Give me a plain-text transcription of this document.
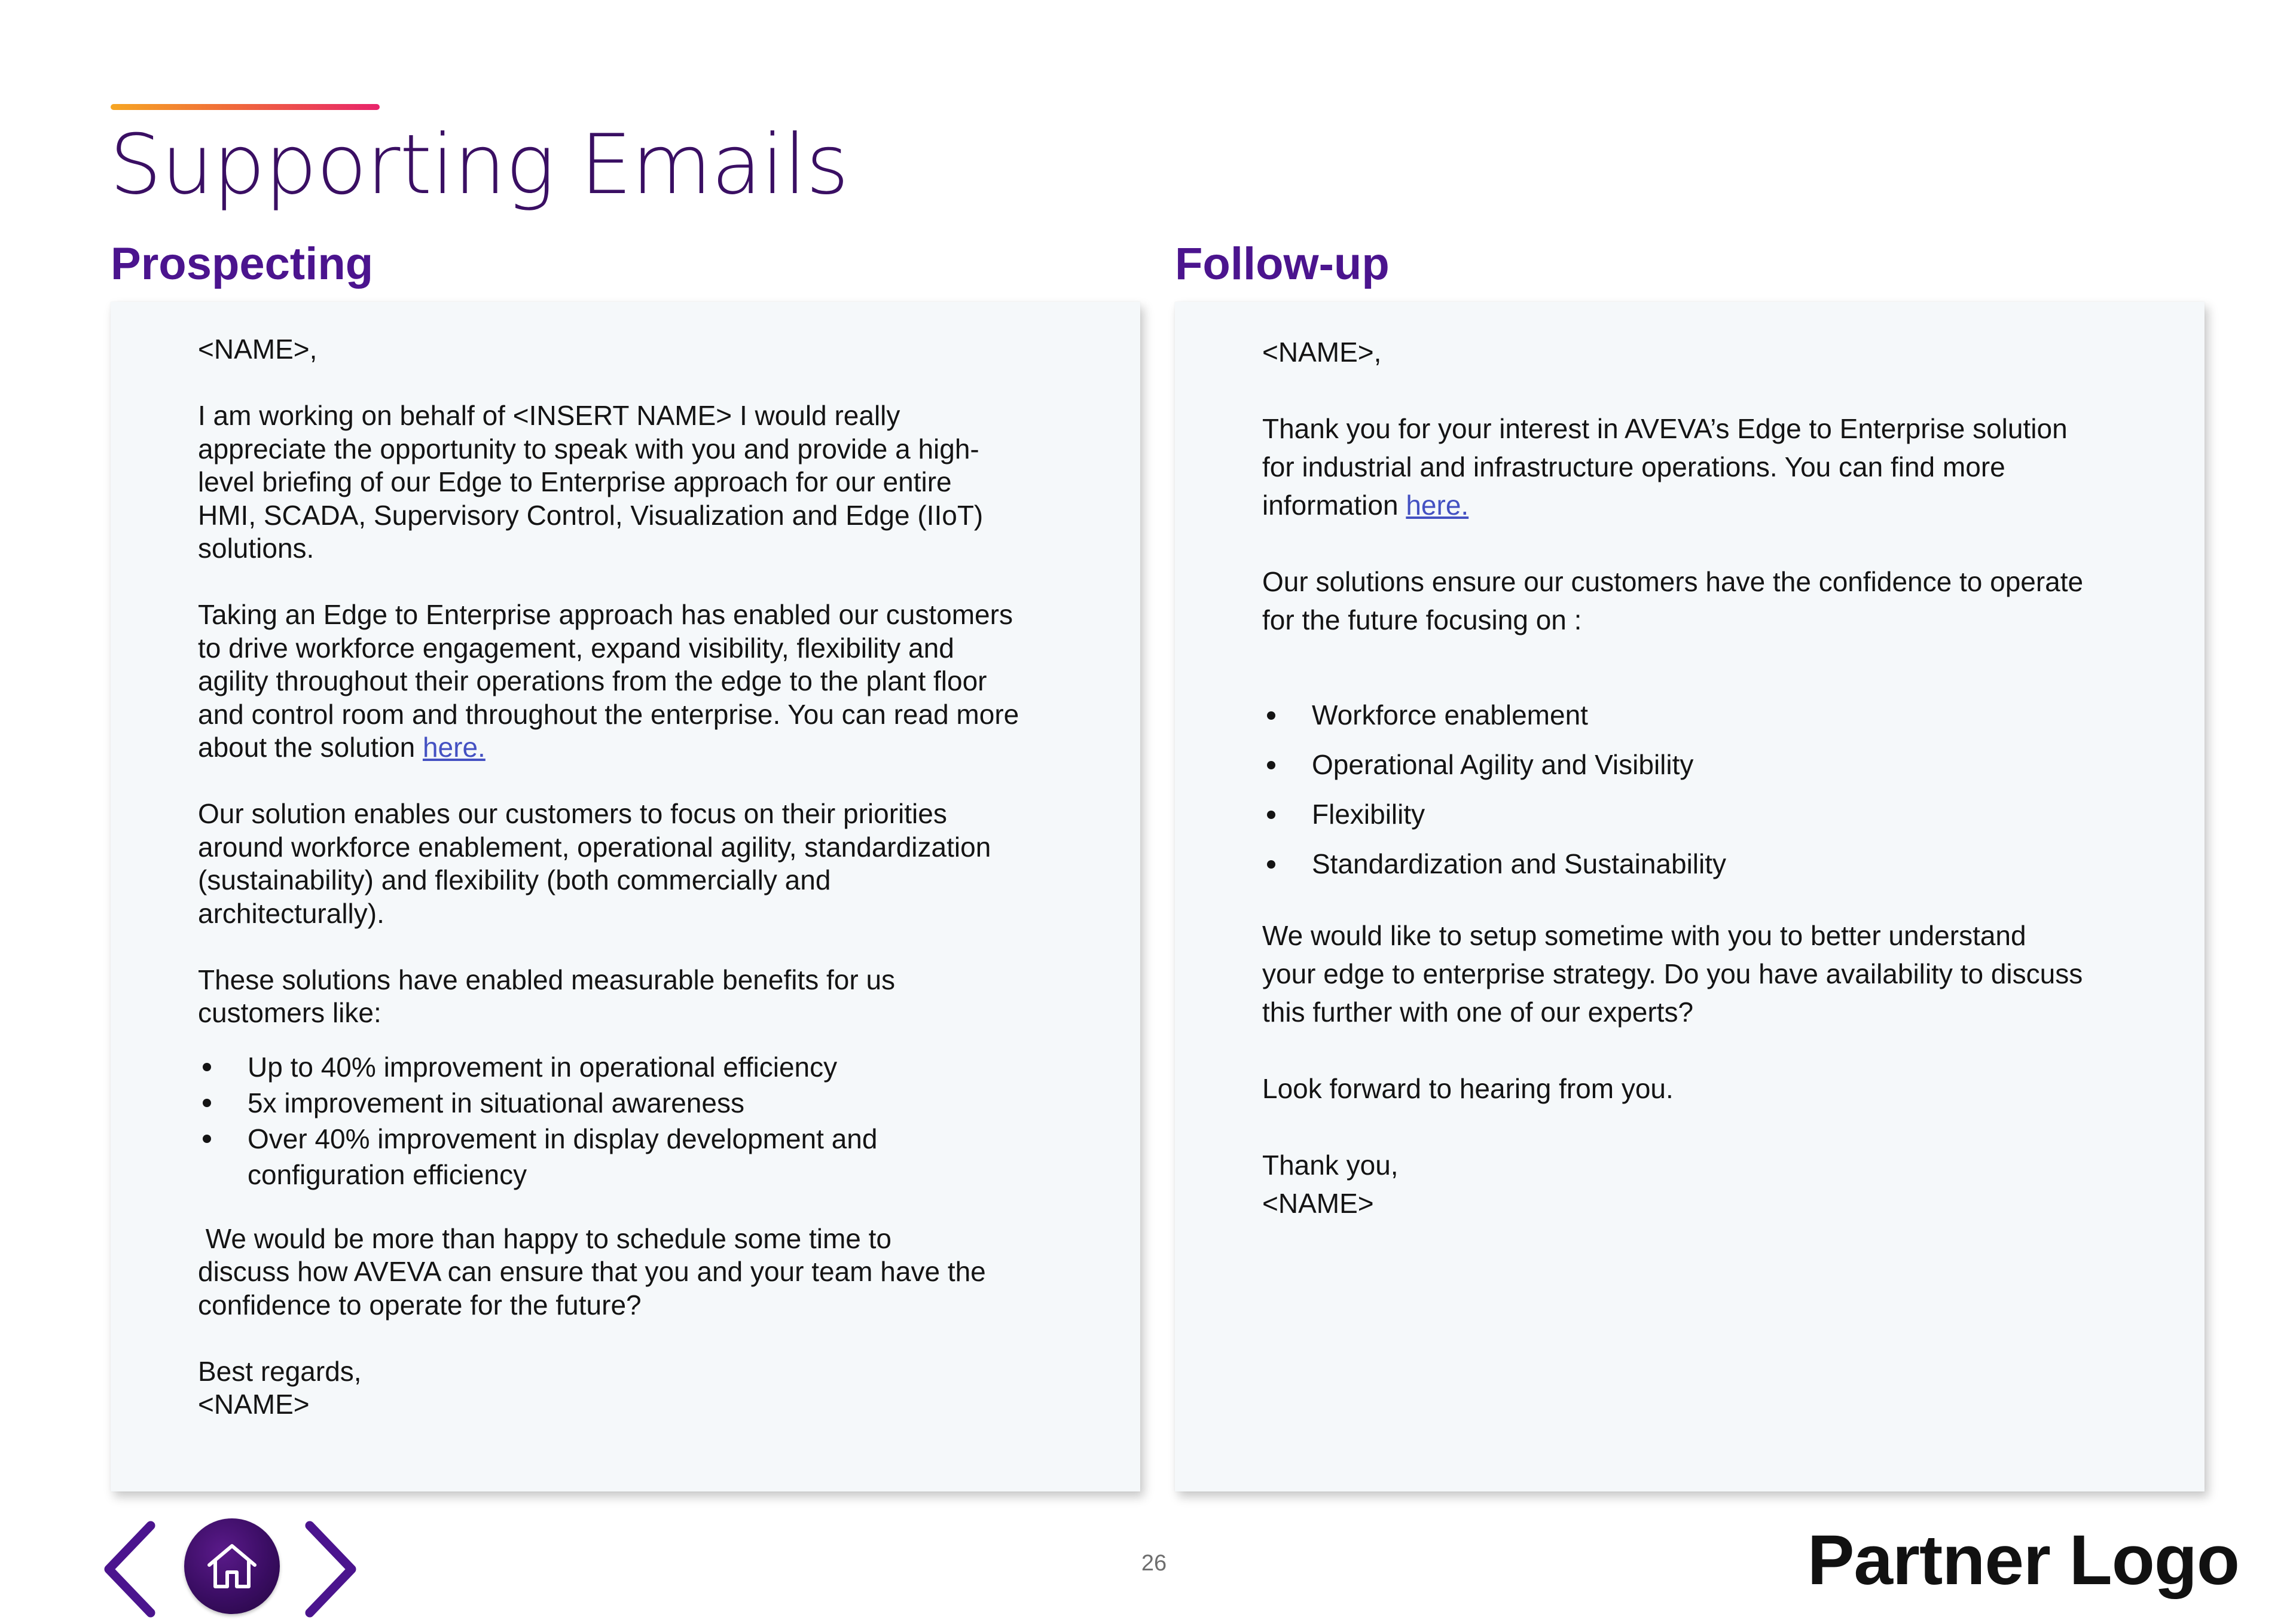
Supporting Emails
Prospecting	Follow-up

<NAME>,

I am working on behalf of <INSERT NAME> I would really

appreciate the opportunity to speak with you and provide a high-

level briefing of our Edge to Enterprise approach for our entire

HMI, SCADA, Supervisory Control, Visualization and Edge (IIoT)

solutions.

Taking an Edge to Enterprise approach has enabled our customers

to drive workforce engagement, expand visibility, flexibility and

agility throughout their operations from the edge to the plant floor

and control room and throughout the enterprise. You can read more

about the solution here.

Our solution enables our customers to focus on their priorities

around workforce enablement, operational agility, standardization

(sustainability) and flexibility (both commercially and

architecturally).

These solutions have enabled measurable benefits for us

customers like:

Up to 40% improvement in operational efficiency
5x improvement in situational awareness
Over 40% improvement in display development and
configuration efficiency

We would be more than happy to schedule some time to

discuss how AVEVA can ensure that you and your team have the

confidence to operate for the future?

Best regards,

<NAME>

<NAME>,

Thank you for your interest in AVEVA’s Edge to Enterprise solution

for industrial and infrastructure operations. You can find more

information here.

Our solutions ensure our customers have the confidence to operate

for the future focusing on :

Workforce enablement
Operational Agility and Visibility
Flexibility
Standardization and Sustainability

We would like to setup sometime with you to better understand

your edge to enterprise strategy. Do you have availability to discuss

this further with one of our experts?

Look forward to hearing from you.

Thank you,

<NAME>

26	Partner Logo
